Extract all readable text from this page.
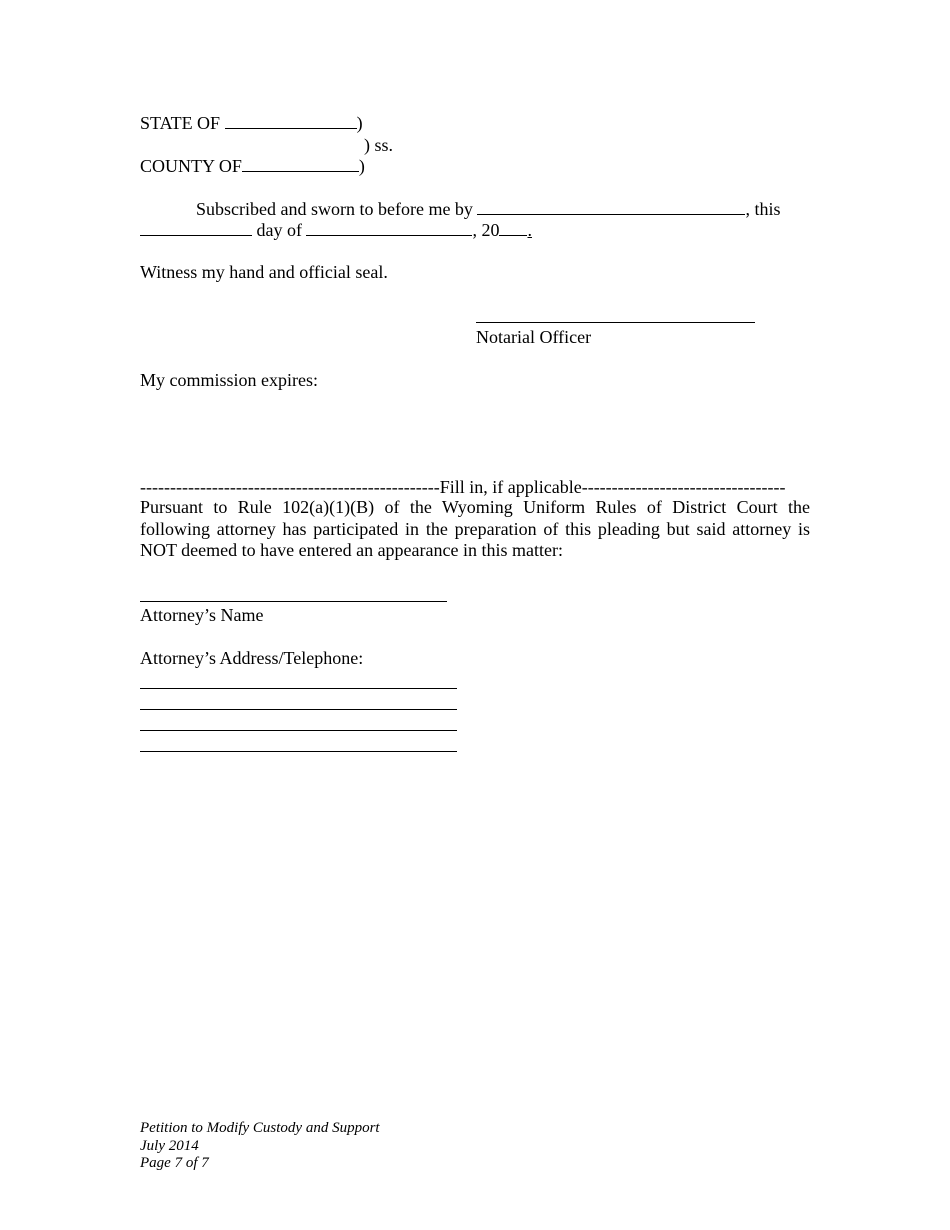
STATE OF	)
) ss.
COUNTY OF	)
Subscribed and sworn to before me by	, this
day of	, 20 .
Witness my hand and official seal.
Notarial Officer
My commission expires:
--------------------------------------------------Fill in, if applicable----------------------------------
Pursuant to Rule 102(a)(1)(B) of the Wyoming Uniform Rules of District Court the following attorney has participated in the preparation of this pleading but said attorney is NOT deemed to have entered an appearance in this matter:
Attorney’s Name
Attorney’s Address/Telephone:
Petition to Modify Custody and Support
July 2014
Page 7 of 7
